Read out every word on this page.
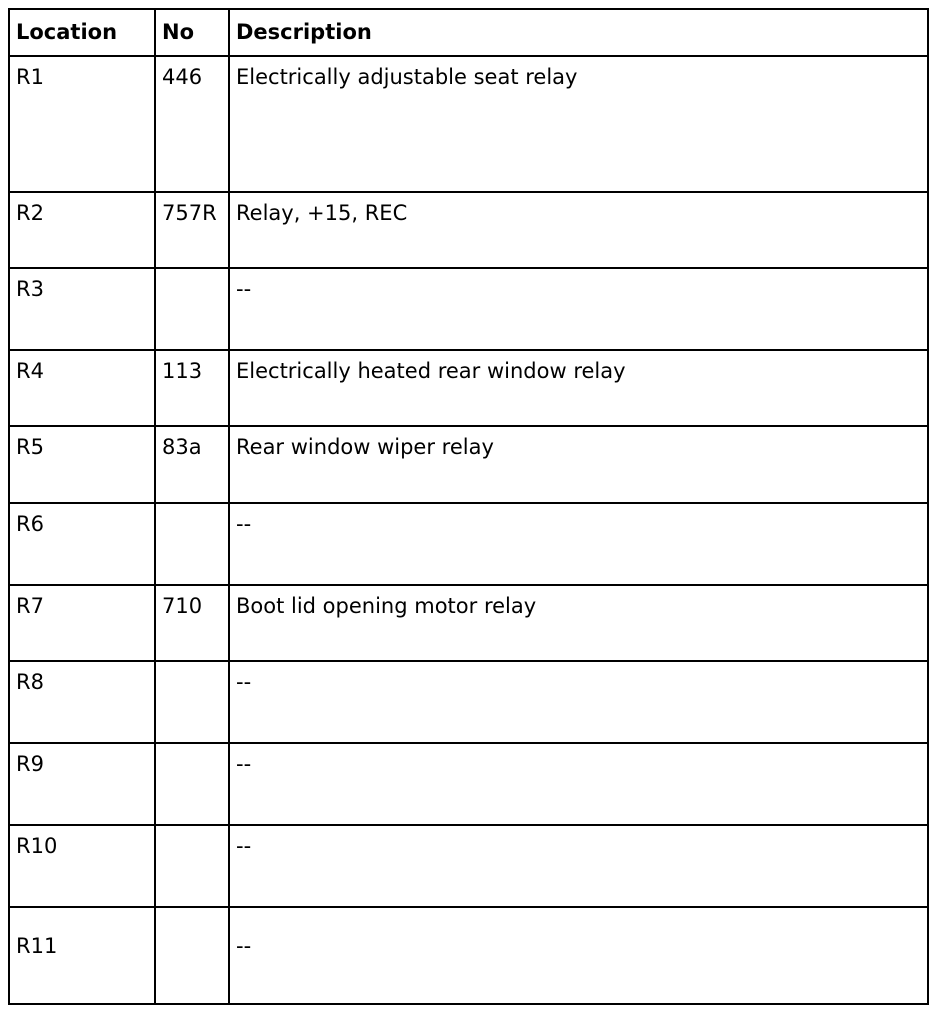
Location	No	Description
R1	446	Electrically adjustable seat relay
R2	757R	Relay, +15, REC
R3		--
R4	113	Electrically heated rear window relay
R5	83a	Rear window wiper relay
R6		--
R7	710	Boot lid opening motor relay
R8		--
R9		--
R10		--
R11		--
